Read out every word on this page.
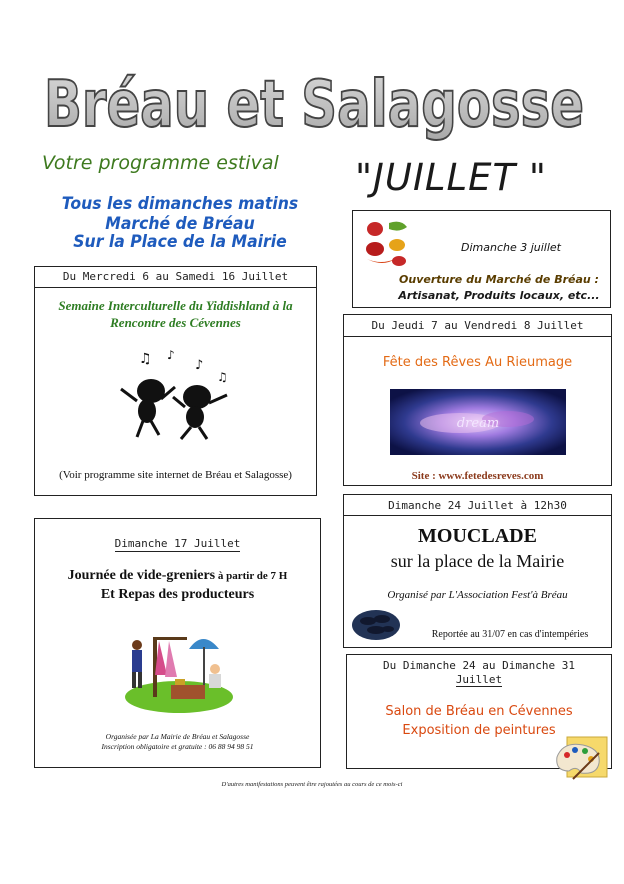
Bréau et Salagosse
Votre programme estival "JUILLET "
Tous les dimanches matins Marché de Bréau
Sur la Place de la Mairie
Du Mercredi 6 au Samedi 16 Juillet
Semaine Interculturelle du Yiddishland à la
Rencontre des Cévennes
♫ ♪
♪
♫
(Voir programme site internet de Bréau et Salagosse)
Dimanche 3 juillet
Ouverture du Marché de Bréau :
Artisanat, Produits locaux, etc...
Du Jeudi 7 au Vendredi 8 Juillet
Fête des Rêves Au Rieumage
dream
Site : www.fetedesreves.com
Dimanche 17 Juillet
Journée de vide-greniers à partir de 7 H
Et Repas des producteurs
Organisée par La Mairie de Bréau et Salagosse
Inscription obligatoire et gratuite : 06 88 94 98 51
Dimanche 24 Juillet à 12h30
MOUCLADE
sur la place de la Mairie
Organisé par L'Association Fest'à Bréau
Reportée au 31/07 en cas d'intempéries
Du Dimanche 24 au Dimanche 31
Juillet
Salon de Bréau en Cévennes
Exposition de peintures
D'autres manifestations peuvent être rajoutées au cours de ce mois-ci
